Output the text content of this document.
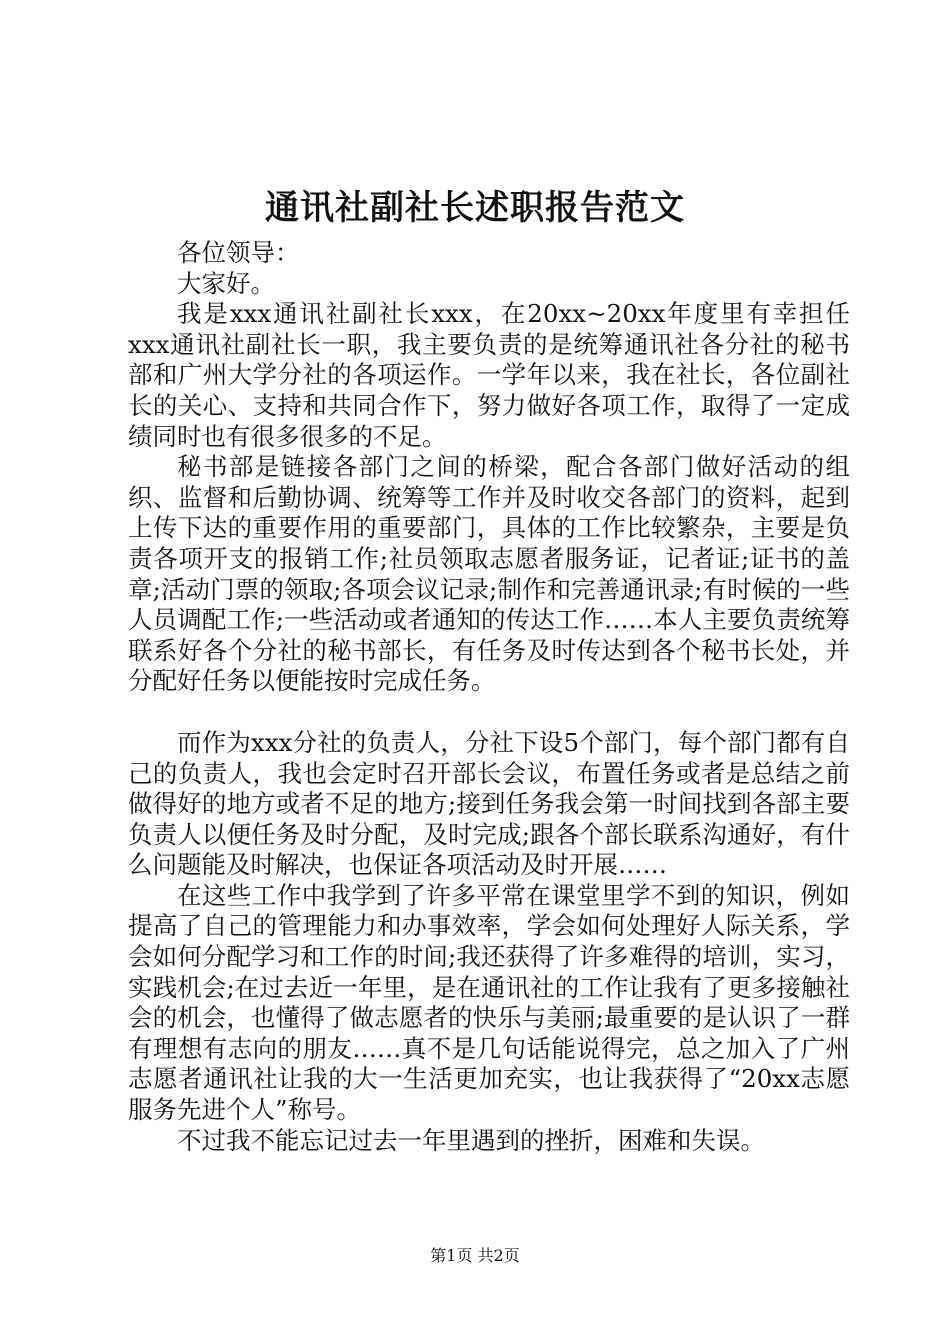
通讯社副社长述职报告范文

各位领导：

大家好。

我是xxx通讯社副社长xxx，在20xx~20xx年度里有幸担任xxx通讯社副社长一职，我主要负责的是统筹通讯社各分社的秘书部和广州大学分社的各项运作。一学年以来，我在社长，各位副社长的关心、支持和共同合作下，努力做好各项工作，取得了一定成绩同时也有很多很多的不足。

秘书部是链接各部门之间的桥梁，配合各部门做好活动的组织、监督和后勤协调、统筹等工作并及时收交各部门的资料，起到上传下达的重要作用的重要部门，具体的工作比较繁杂，主要是负责各项开支的报销工作;社员领取志愿者服务证，记者证;证书的盖章;活动门票的领取;各项会议记录;制作和完善通讯录;有时候的一些人员调配工作;一些活动或者通知的传达工作……本人主要负责统筹联系好各个分社的秘书部长，有任务及时传达到各个秘书长处，并分配好任务以便能按时完成任务。

而作为xxx分社的负责人，分社下设5个部门，每个部门都有自己的负责人，我也会定时召开部长会议，布置任务或者是总结之前做得好的地方或者不足的地方;接到任务我会第一时间找到各部主要负责人以便任务及时分配，及时完成;跟各个部长联系沟通好，有什么问题能及时解决，也保证各项活动及时开展……

在这些工作中我学到了许多平常在课堂里学不到的知识，例如提高了自己的管理能力和办事效率，学会如何处理好人际关系，学会如何分配学习和工作的时间;我还获得了许多难得的培训，实习，实践机会;在过去近一年里，是在通讯社的工作让我有了更多接触社会的机会，也懂得了做志愿者的快乐与美丽;最重要的是认识了一群有理想有志向的朋友……真不是几句话能说得完，总之加入了广州志愿者通讯社让我的大一生活更加充实，也让我获得了“20xx志愿服务先进个人”称号。

不过我不能忘记过去一年里遇到的挫折，困难和失误。

第1页 共2页
